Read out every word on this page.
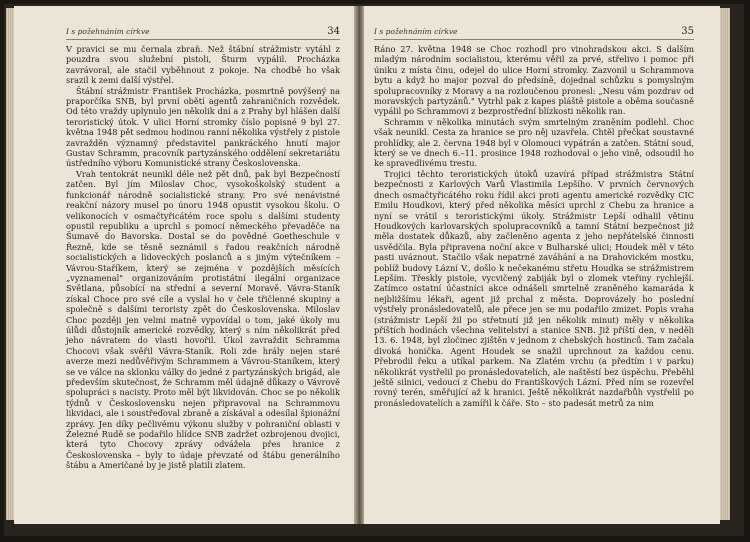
I s požehnáním církve	34

V pravici se mu černala zbraň. Než štábní strážmistr vytáhl z pouzdra svou služební pistoli, Šturm vypálil. Procházka zavrávoral, ale stačil vyběhnout z pokoje. Na chodbě ho však srazil k zemi další výstřel.

Štábní strážmistr František Procházka, posmrtně povýšený na praporčíka SNB, byl první obětí agentů zahraničních rozvědek. Od této vraždy uplynulo jen několik dní a z Prahy byl hlášen další teroristický útok. V ulici Horní stromky číslo popisné 9 byl 27. května 1948 pět sedmou hodinou ranní několika výstřely z pistole zavražděn významný představitel pankráckého hnutí major Gustav Schramm, pracovník partyzánského oddělení sekretariátu ústředního výboru Komunistické strany Československa.

Vrah tentokrát neunikl déle než pět dnů, pak byl Bezpečností zatčen. Byl jím Miloslav Choc, vysokoškolský student a funkcionář národně socialistické strany. Pro své nenávistné reakční názory musel po únoru 1948 opustit vysokou školu. O velikonocích v osmačtyřicátém roce spolu s dalšími studenty opustil republiku a uprchl s pomocí německého převaděče na Šumavě do Bavorska. Dostal se do povědné Goetheschule v Řezně, kde se těsně seznámil s řadou reakčních národně socialistických a lidoveckých poslanců a s jiným výtečníkem – Vávrou-Staříkem, který se zejména v pozdějších měsících „vyznamenal" organizováním protistátní ilegální organizace Světlana, působící na střední a severní Moravě. Vávra-Staník získal Choce pro své cíle a vyslal ho v čele třičlenné skupiny a společně s dalšími teroristy zpět do Československa. Miloslav Choc později jen velmi matně vypovídal o tom, jaké úkoly mu úlůdi důstojník americké rozvědky, který s ním několikrát před jeho návratem do vlasti hovořil. Úkol zavraždit Schramma Chocovi však svěřil Vávra-Staník. Roli zde hrály nejen staré averze mezi nedůvěřivým Schrammem a Vávrou-Staníkem, který se ve válce na sklonku války do jedné z partyzánských brigád, ale především skutečnost, že Schramm měl údajně důkazy o Vávrově spolupráci s nacisty. Proto měl být likvidován. Choc se po několik týdnů v Československu nejen připravoval na Schrammovu likvidaci, ale i soustřeďoval zbraně a získával a odesílal špionážní zprávy. Jen díky pečlivému výkonu služby v pohraniční oblasti v Železné Rudě se podařilo hlídce SNB zadržet ozbrojenou dvojici, která tyto Chocovy zprávy odvážela přes hranice z Československa – byly to údaje převzaté od štábu generálního štábu a Američané by je jistě platili zlatem.

I s požehnáním církve	35

Ráno 27. května 1948 se Choc rozhodl pro vinohradskou akci. S dalším mladým národním socialistou, kterému věřil za prvé, střelivo i pomoc při úniku z místa činu, odejel do ulice Horní stromky. Zazvonil u Schrammova bytu a když ho major pozval do předsíně, dojednal schůzku s pomyslným spolupracovníky z Moravy a na rozloučenou pronesl: „Nesu vám pozdrav od moravských partyzánů." Vytrhl pak z kapes pláště pistole a oběma současně vypálil po Schrammovi z bezprostřední blízkosti několik ran.

Schramm v několika minutách svým smrtelným zraněním podlehl. Choc však neunikl. Cesta za hranice se pro něj uzavřela. Chtěl přečkat soustavné prohlídky, ale 2. června 1948 byl v Olomouci vypátrán a zatčen. Státní soud, který se ve dnech 6.–11. prosince 1948 rozhodoval o jeho vině, odsoudil ho ke spravedlivému trestu.

Trojici těchto teroristických útoků uzavírá případ strážmistra Státní bezpečnosti z Karlových Varů Vlastimila Lepšího. V prvních červnových dnech osmačtyřicátého roku řídil akci proti agentu americké rozvědky CIC Emilu Houdkovi, který před několika měsíci uprchl z Chebu za hranice a nyní se vrátil s teroristickými úkoly. Strážmistr Lepší odhalil větinu Houdkových karlovarských spolupracovníků a tamní Státní bezpečnost již měla dostatek důkazů, aby začleněno agenta z jeho nepřátelské činnosti usvědčila. Byla připravena noční akce v Bulharské ulici; Houdek měl v této pasti uváznout. Stačilo však nepatrné zaváhání a na Drahovickém mostku, poblíž budovy Lázní V., došlo k nečekanému střetu Houdka se strážmistrem Lepším. Třeskly pistole, vycvičený zabiják byl o zlomek vteřiny rychlejší. Zatímco ostatní účastníci akce odnášeli smrtelně zraněného kamaráda k nejbližšímu lékaři, agent již prchal z města. Doprovázely ho poslední výstřely pronásledovatelů, ale přece jen se mu podařilo zmizet. Popis vraha (strážmistr Lepší žil po střetnutí již jen několik minut) měly v několika příštích hodinách všechna velitelství a stanice SNB. Již příští den, v neděli 13. 6. 1948, byl zločinec zjištěn v jednom z chebských hostinců. Tam začala divoká honička. Agent Houdek se snažil uprchnout za každou cenu. Přebrodil řeku a utíkal parkem. Na Zlatém vrchu (a předtím i v parku) několikrát vystřelil po pronásledovatelích, ale naštěstí bez úspěchu. Přeběhl ještě silnici, vedoucí z Chebu do Františkových Lázní. Před ním se rozevřel rovný terén, směřující až k hranici. Ještě několikrát nazdařbůh vystřelil po pronásledovatelích a zamířil k čáře. Sto – sto padesát metrů za nim
